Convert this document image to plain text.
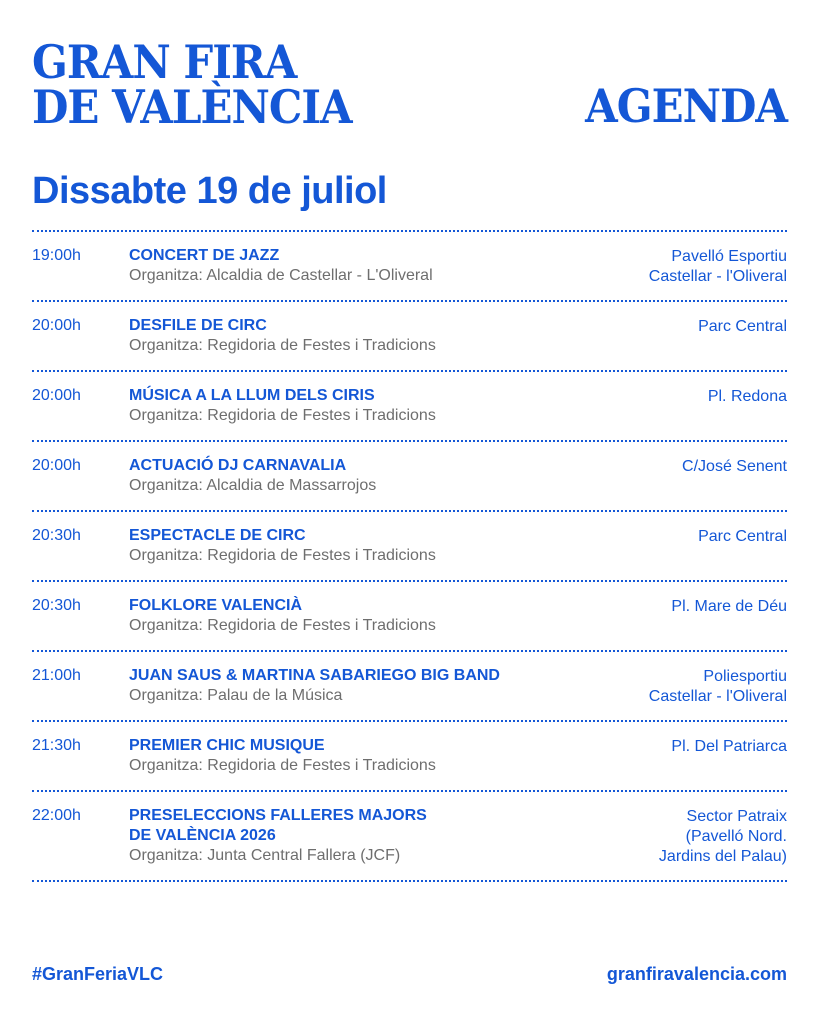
GRAN FIRA
DE VALÈNCIA	AGENDA
Dissabte 19 de juliol
19:00h	CONCERT DE JAZZ
Organitza: Alcaldia de Castellar - L'Oliveral
Pavelló Esportiu
Castellar - l'Oliveral
20:00h	DESFILE DE CIRC
Organitza: Regidoria de Festes i Tradicions
Parc Central
20:00h	MÚSICA A LA LLUM DELS CIRIS
Organitza: Regidoria de Festes i Tradicions
Pl. Redona
20:00h	ACTUACIÓ DJ CARNAVALIA
Organitza: Alcaldia de Massarrojos
C/José Senent
20:30h	ESPECTACLE DE CIRC
Organitza: Regidoria de Festes i Tradicions
Parc Central
20:30h	FOLKLORE VALENCIÀ
Organitza: Regidoria de Festes i Tradicions
Pl. Mare de Déu
21:00h	JUAN SAUS & MARTINA SABARIEGO BIG BAND
Organitza: Palau de la Música
Poliesportiu
Castellar - l'Oliveral
21:30h	PREMIER CHIC MUSIQUE
Organitza: Regidoria de Festes i Tradicions
Pl. Del Patriarca
22:00h	PRESELECCIONS FALLERES MAJORS
DE VALÈNCIA 2026
Organitza: Junta Central Fallera (JCF)
Sector Patraix
(Pavelló Nord.
Jardins del Palau)
#GranFeriaVLC	granfiravalencia.com
